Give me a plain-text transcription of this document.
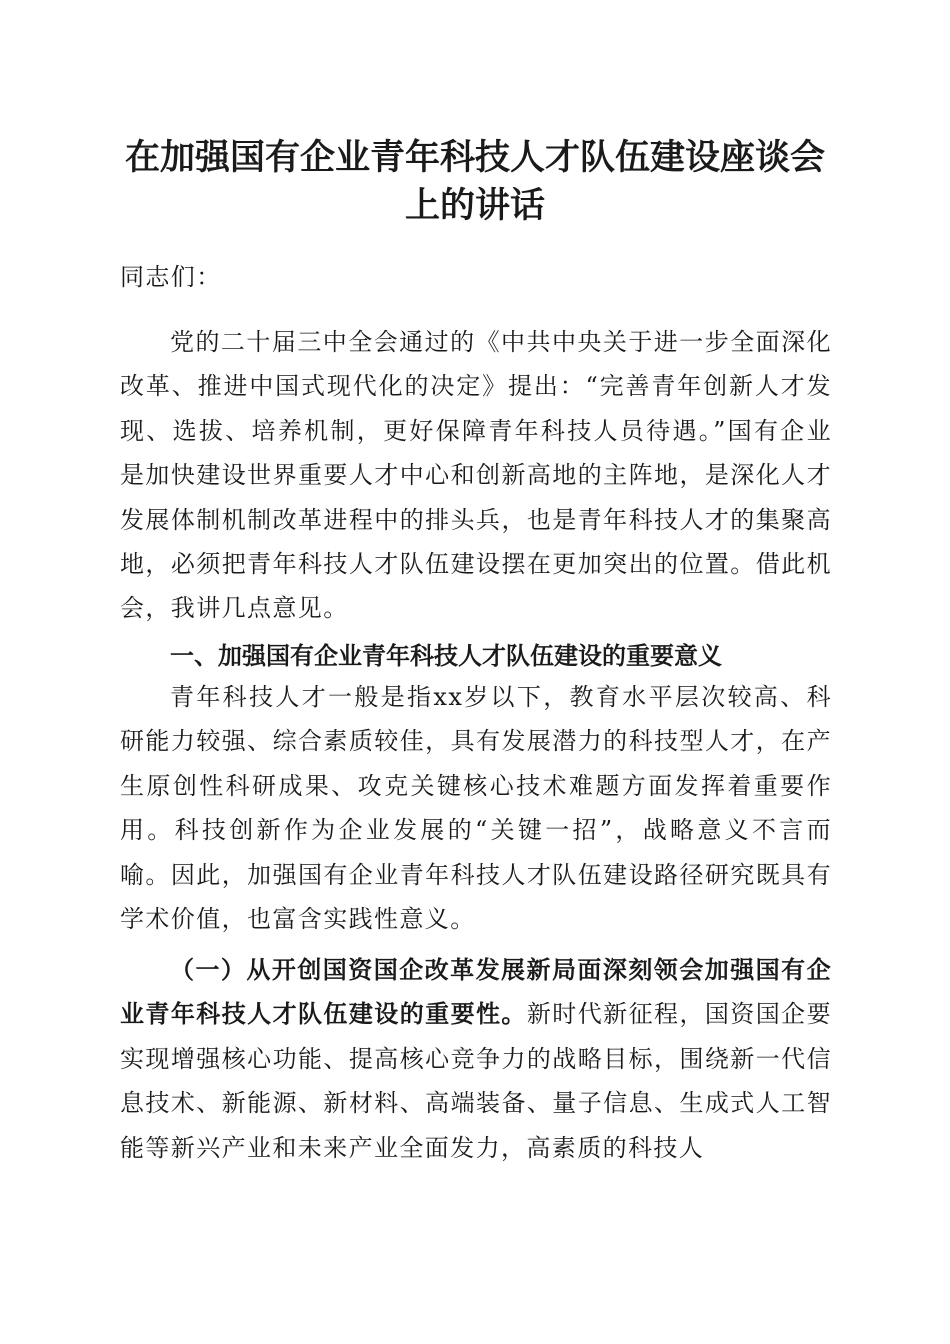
在加强国有企业青年科技人才队伍建设座谈会
上的讲话

同志们：

党的二十届三中全会通过的《中共中央关于进一步全面深化改革、推进中国式现代化的决定》提出：“完善青年创新人才发现、选拔、培养机制，更好保障青年科技人员待遇。”国有企业是加快建设世界重要人才中心和创新高地的主阵地，是深化人才发展体制机制改革进程中的排头兵，也是青年科技人才的集聚高地，必须把青年科技人才队伍建设摆在更加突出的位置。借此机会，我讲几点意见。

一、加强国有企业青年科技人才队伍建设的重要意义

青年科技人才一般是指xx岁以下，教育水平层次较高、科研能力较强、综合素质较佳，具有发展潜力的科技型人才，在产生原创性科研成果、攻克关键核心技术难题方面发挥着重要作用。科技创新作为企业发展的“关键一招”，战略意义不言而喻。因此，加强国有企业青年科技人才队伍建设路径研究既具有学术价值，也富含实践性意义。

（一）从开创国资国企改革发展新局面深刻领会加强国有企业青年科技人才队伍建设的重要性。新时代新征程，国资国企要实现增强核心功能、提高核心竞争力的战略目标，围绕新一代信息技术、新能源、新材料、高端装备、量子信息、生成式人工智能等新兴产业和未来产业全面发力，高素质的科技人
